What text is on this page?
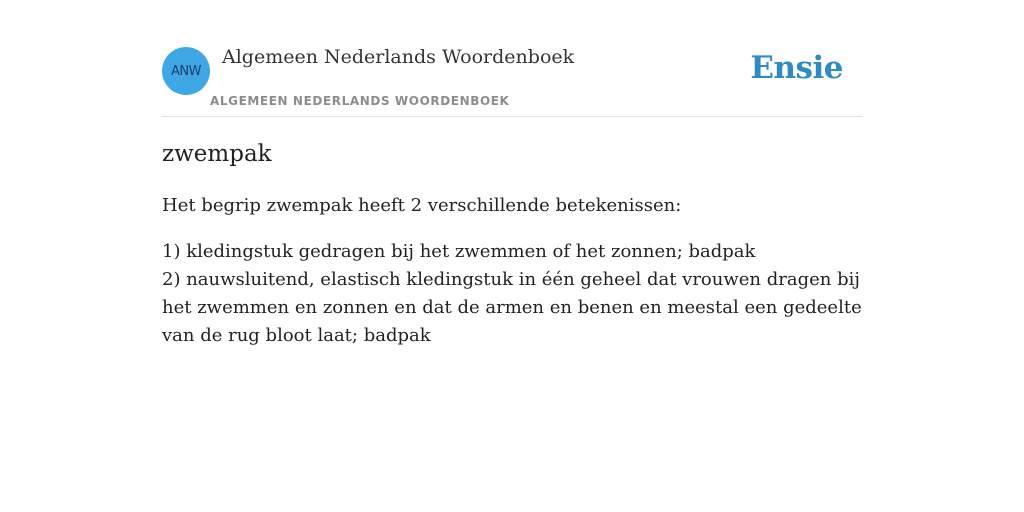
ANW
Algemeen Nederlands Woordenboek
ALGEMEEN NEDERLANDS WOORDENBOEK
Ensie
zwempak

Het begrip zwempak heeft 2 verschillende betekenissen:

1) kledingstuk gedragen bij het zwemmen of het zonnen; badpak
2) nauwsluitend, elastisch kledingstuk in één geheel dat vrouwen dragen bij het zwemmen en zonnen en dat de armen en benen en meestal een gedeelte van de rug bloot laat; badpak
